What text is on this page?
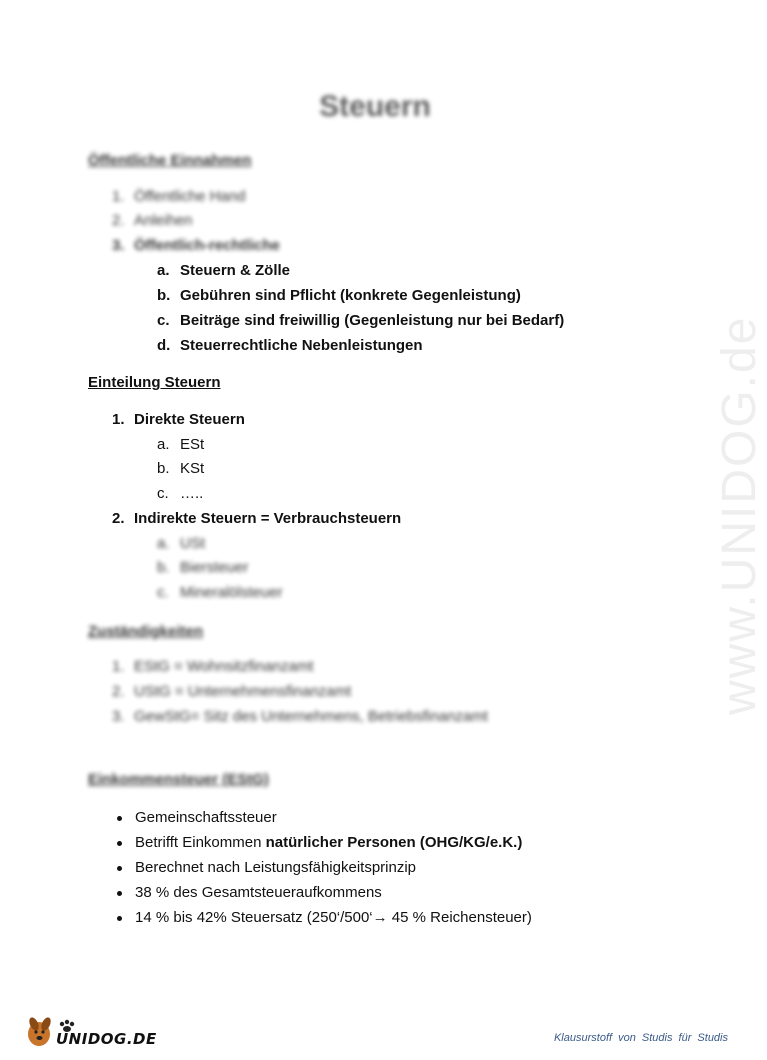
www.UNIDOG.de
Steuern
Öffentliche Einnahmen
1. Öffentliche Hand
2. Anleihen
3. Öffentlich-rechtliche
a. Steuern & Zölle
b. Gebühren sind Pflicht (konkrete Gegenleistung)
c. Beiträge sind freiwillig (Gegenleistung nur bei Bedarf)
d. Steuerrechtliche Nebenleistungen
Einteilung Steuern
1. Direkte Steuern
a. ESt
b. KSt
c. …..
2. Indirekte Steuern = Verbrauchsteuern
a. USt
b. Biersteuer
c. Mineralölsteuer
Zuständigkeiten
1. EStG = Wohnsitzfinanzamt
2. UStG = Unternehmensfinanzamt
3. GewStG= Sitz des Unternehmens, Betriebsfinanzamt
Einkommensteuer (EStG)
Gemeinschaftssteuer
Betrifft Einkommen natürlicher Personen (OHG/KG/e.K.)
Berechnet nach Leistungsfähigkeitsprinzip
38 % des Gesamtsteueraufkommens
14 % bis 42% Steuersatz (250‘/500‘→ 45 % Reichensteuer)
UNIDOG.DE	Klausurstoff von Studis für Studis
